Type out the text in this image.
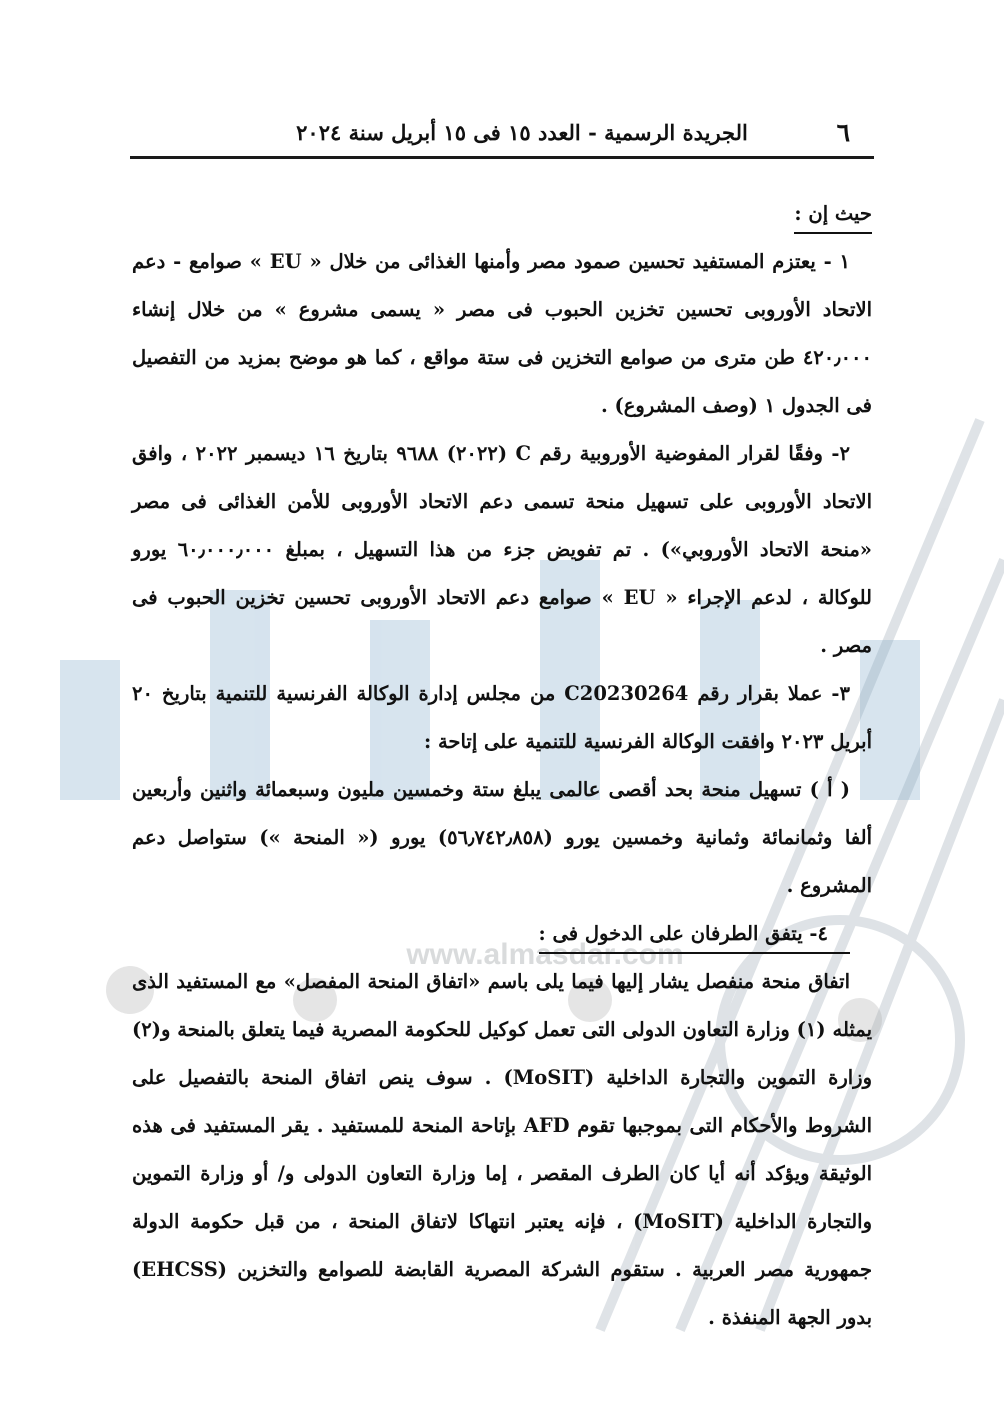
www.almasdar.com
٦
الجريدة الرسمية - العدد ١٥ فى ١٥ أبريل سنة ٢٠٢٤

حيث إن :

١ - يعتزم المستفيد تحسين صمود مصر وأمنها الغذائى من خلال « EU » صوامع - دعم الاتحاد الأوروبى تحسين تخزين الحبوب فى مصر « يسمى مشروع » من خلال إنشاء ٤٢٠٫٠٠٠ طن مترى من صوامع التخزين فى ستة مواقع ، كما هو موضح بمزيد من التفصيل فى الجدول ١ (وصف المشروع) .

٢- وفقًا لقرار المفوضية الأوروبية رقم C (٢٠٢٢) ٩٦٨٨ بتاريخ ١٦ ديسمبر ٢٠٢٢ ، وافق الاتحاد الأوروبى على تسهيل منحة تسمى دعم الاتحاد الأوروبى للأمن الغذائى فى مصر «منحة الاتحاد الأوروبي») . تم تفويض جزء من هذا التسهيل ، بمبلغ ٦٠٫٠٠٠٫٠٠٠ يورو للوكالة ، لدعم الإجراء « EU » صوامع دعم الاتحاد الأوروبى تحسين تخزين الحبوب فى مصر .

٣- عملا بقرار رقم C20230264 من مجلس إدارة الوكالة الفرنسية للتنمية بتاريخ ٢٠ أبريل ٢٠٢٣ وافقت الوكالة الفرنسية للتنمية على إتاحة :

( أ ) تسهيل منحة بحد أقصى عالمى يبلغ ستة وخمسين مليون وسبعمائة واثنين وأربعين ألفا وثمانمائة وثمانية وخمسين يورو (٥٦٫٧٤٢٫٨٥٨) يورو (« المنحة ») ستواصل دعم المشروع .

٤- يتفق الطرفان على الدخول فى :

اتفاق منحة منفصل يشار إليها فيما يلى باسم «اتفاق المنحة المفصل» مع المستفيد الذى يمثله (١) وزارة التعاون الدولى التى تعمل كوكيل للحكومة المصرية فيما يتعلق بالمنحة و(٢) وزارة التموين والتجارة الداخلية (MoSIT) . سوف ينص اتفاق المنحة بالتفصيل على الشروط والأحكام التى بموجبها تقوم AFD بإتاحة المنحة للمستفيد . يقر المستفيد فى هذه الوثيقة ويؤكد أنه أيا كان الطرف المقصر ، إما وزارة التعاون الدولى و/ أو وزارة التموين والتجارة الداخلية (MoSIT) ، فإنه يعتبر انتهاكا لاتفاق المنحة ، من قبل حكومة الدولة جمهورية مصر العربية . ستقوم الشركة المصرية القابضة للصوامع والتخزين (EHCSS) بدور الجهة المنفذة .
